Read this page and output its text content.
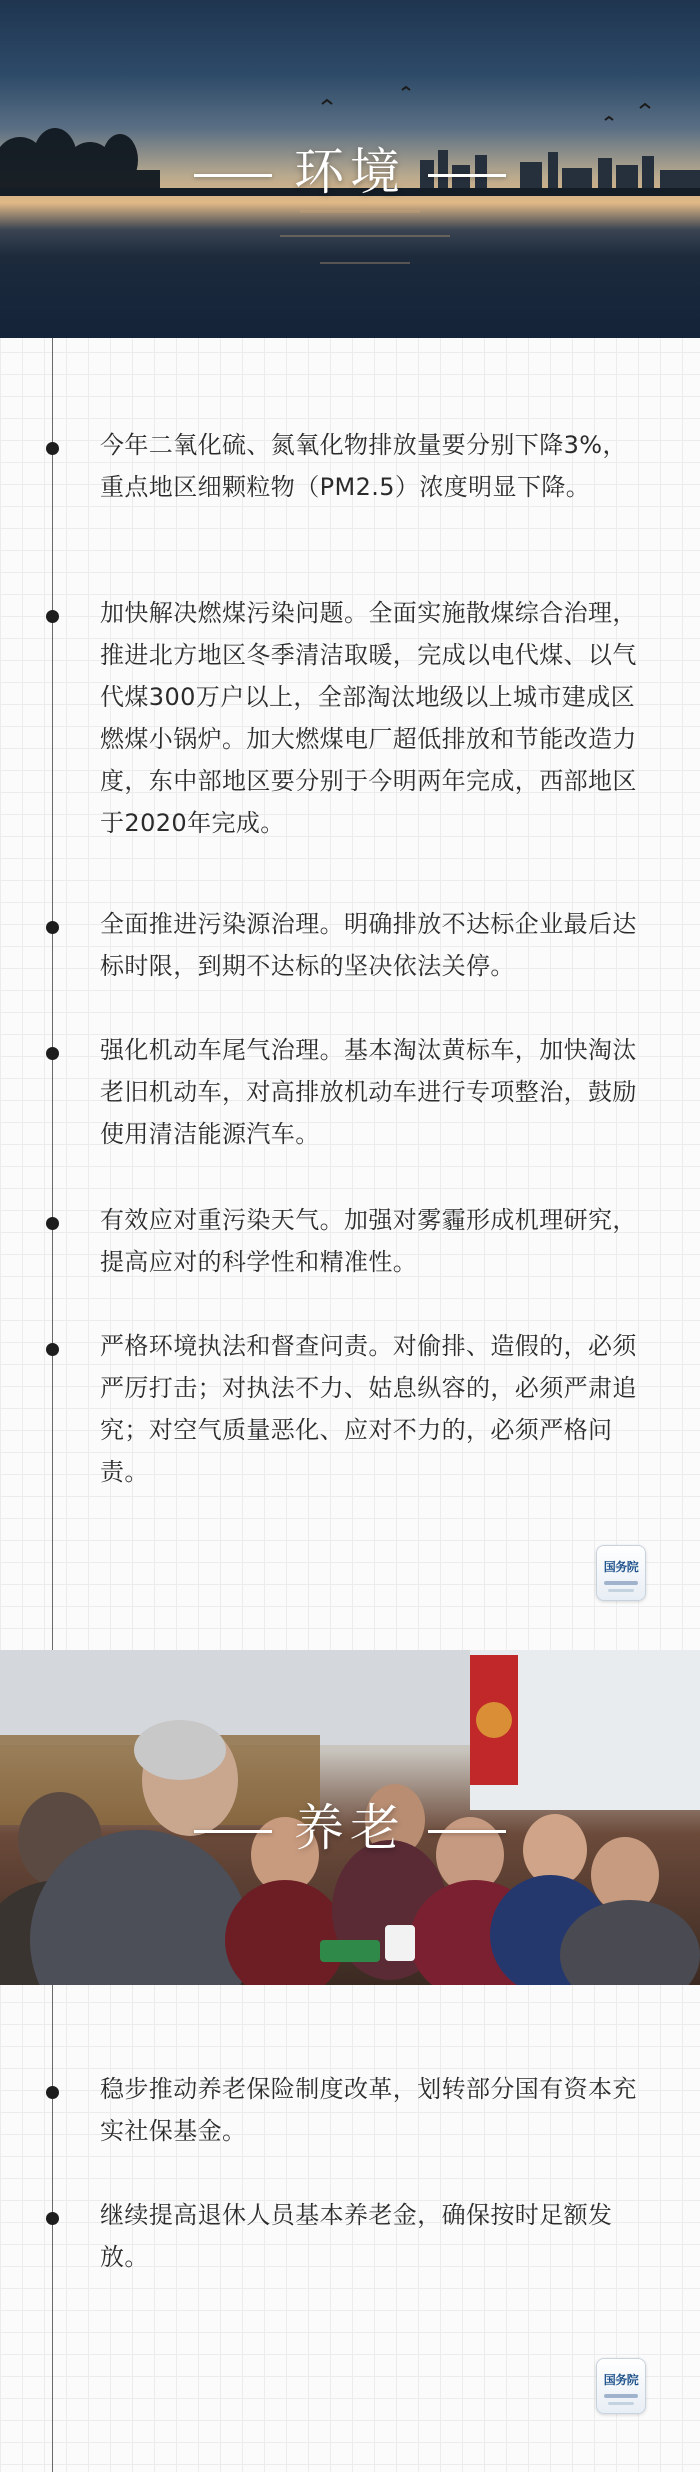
环境

今年二氧化硫、氮氧化物排放量要分别下降3%，重点地区细颗粒物（PM2.5）浓度明显下降。

加快解决燃煤污染问题。全面实施散煤综合治理，推进北方地区冬季清洁取暖，完成以电代煤、以气代煤300万户以上，全部淘汰地级以上城市建成区燃煤小锅炉。加大燃煤电厂超低排放和节能改造力度，东中部地区要分别于今明两年完成，西部地区于2020年完成。

全面推进污染源治理。明确排放不达标企业最后达标时限，到期不达标的坚决依法关停。

强化机动车尾气治理。基本淘汰黄标车，加快淘汰老旧机动车，对高排放机动车进行专项整治，鼓励使用清洁能源汽车。

有效应对重污染天气。加强对雾霾形成机理研究，提高应对的科学性和精准性。

严格环境执法和督查问责。对偷排、造假的，必须严厉打击；对执法不力、姑息纵容的，必须严肃追究；对空气质量恶化、应对不力的，必须严格问责。

国务院
养老

稳步推动养老保险制度改革，划转部分国有资本充实社保基金。

继续提高退休人员基本养老金，确保按时足额发放。

国务院
